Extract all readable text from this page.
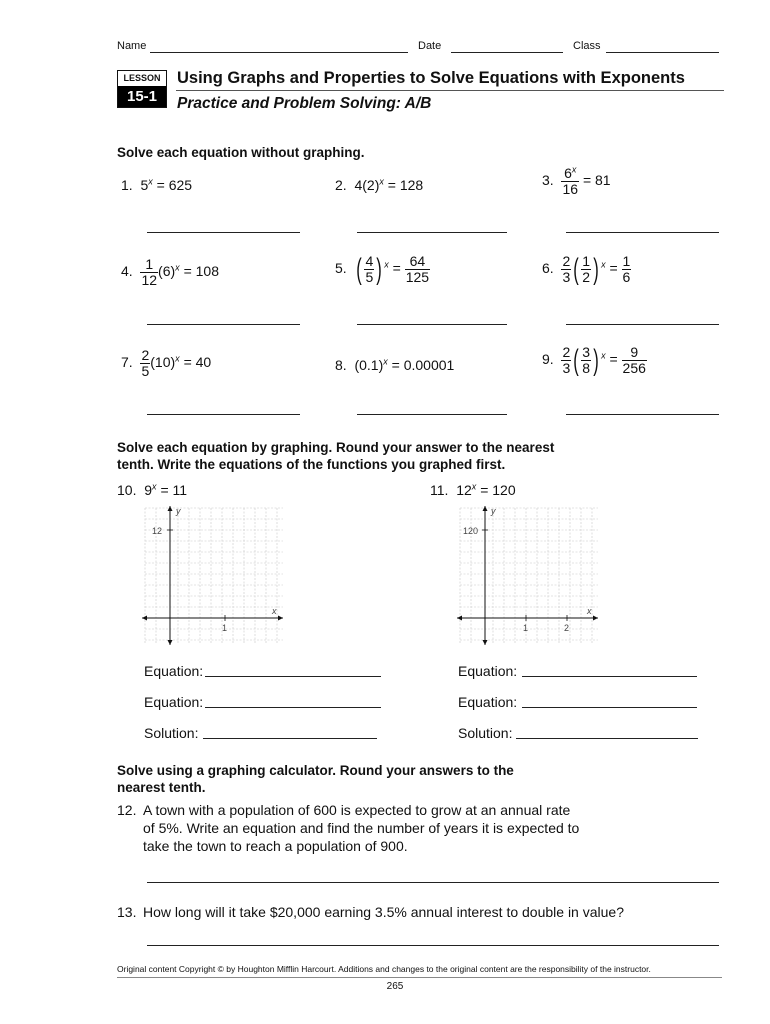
Name	Date	Class
LESSON
15-1
Using Graphs and Properties to Solve Equations with Exponents
Practice and Problem Solving: A/B
Solve each equation without graphing.
1. $5^x = 625$	2. $4(2)^x = 128$	3. $\frac{6^x}{16} = 81$
4. $\frac{1}{12} (6)^x = 108$	5. ( $\frac{4}{5}$ ) $^x = \frac{64}{125}$	6. $\frac{2}{3}$ ( $\frac{1}{2}$ ) $^x = \frac{1}{6}$
7. $\frac{2}{5} (10)^x = 40$	8. $(0.1)^x = 0.00001$	9. $\frac{2}{3}$ ( $\frac{3}{8}$ ) $^x = \frac{9}{256}$
Solve each equation by graphing. Round your answer to the nearest
tenth. Write the equations of the functions you graphed first.
10. $9^x = 11$	11. $12^x = 120$
y
x
12
1
y
x
120
1	2
Equation:
Equation:
Solution:
Equation:
Equation:
Solution:
Solve using a graphing calculator. Round your answers to the
nearest tenth.
12. A town with a population of 600 is expected to grow at an annual rate
of 5%. Write an equation and find the number of years it is expected to
take the town to reach a population of 900.
13. How long will it take $20,000 earning 3.5% annual interest to double in value?
Original content Copyright © by Houghton Mifflin Harcourt. Additions and changes to the original content are the responsibility of the instructor.
265
